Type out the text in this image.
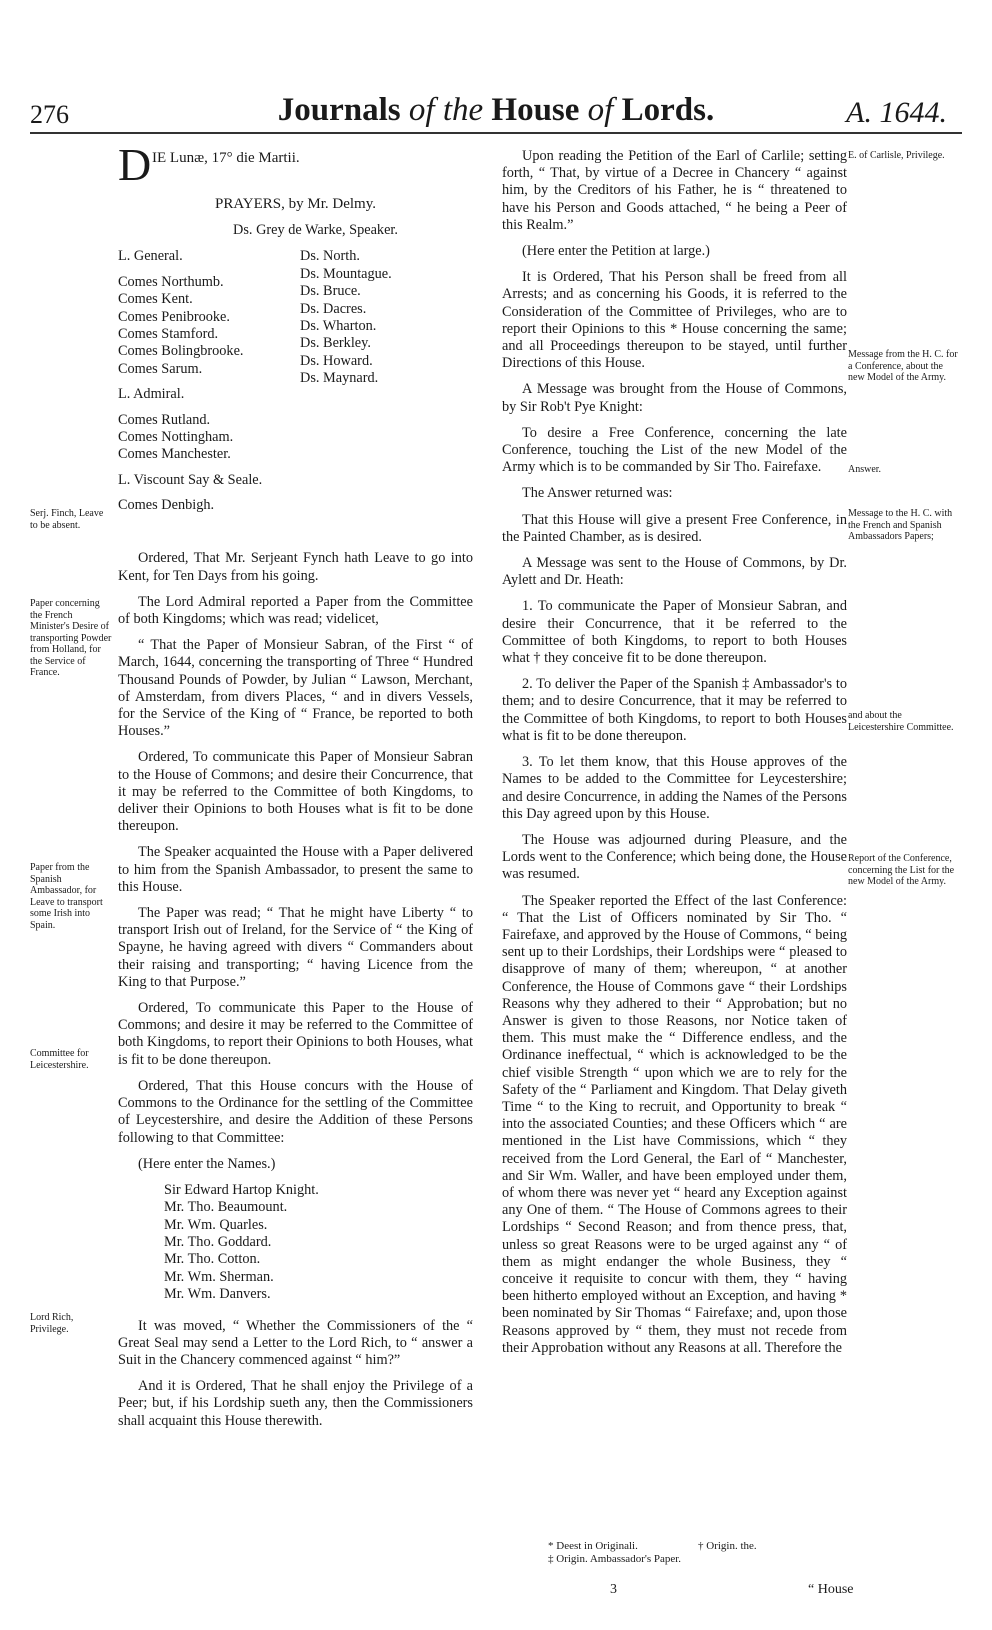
276	Journals of the House of Lords.	A. 1644.
D IE Lunæ, 17° die Martii.

PRAYERS, by Mr. Delmy.

Ds. Grey de Warke, Speaker.

L. General.
Comes Northumb.
Comes Kent.
Comes Penibrooke.
Comes Stamford.
Comes Bolingbrooke.
Comes Sarum.
L. Admiral.
Comes Rutland.
Comes Nottingham.
Comes Manchester.
L. Viscount Say & Seale.
Comes Denbigh.
Ds. North.
Ds. Mountague.
Ds. Bruce.
Ds. Dacres.
Ds. Wharton.
Ds. Berkley.
Ds. Howard.
Ds. Maynard.

Ordered, That Mr. Serjeant Fynch hath Leave to go into Kent, for Ten Days from his going.

The Lord Admiral reported a Paper from the Committee of both Kingdoms; which was read; videlicet,

“ That the Paper of Monsieur Sabran, of the First “ of March, 1644, concerning the transporting of Three “ Hundred Thousand Pounds of Powder, by Julian “ Lawson, Merchant, of Amsterdam, from divers Places, “ and in divers Vessels, for the Service of the King of “ France, be reported to both Houses.”

Ordered, To communicate this Paper of Monsieur Sabran to the House of Commons; and desire their Concurrence, that it may be referred to the Committee of both Kingdoms, to deliver their Opinions to both Houses what is fit to be done thereupon.

The Speaker acquainted the House with a Paper delivered to him from the Spanish Ambassador, to present the same to this House.

The Paper was read; “ That he might have Liberty “ to transport Irish out of Ireland, for the Service of “ the King of Spayne, he having agreed with divers “ Commanders about their raising and transporting; “ having Licence from the King to that Purpose.”

Ordered, To communicate this Paper to the House of Commons; and desire it may be referred to the Committee of both Kingdoms, to report their Opinions to both Houses, what is fit to be done thereupon.

Ordered, That this House concurs with the House of Commons to the Ordinance for the settling of the Committee of Leycestershire, and desire the Addition of these Persons following to that Committee:

(Here enter the Names.)

Sir Edward Hartop Knight.
Mr. Tho. Beaumount.
Mr. Wm. Quarles.
Mr. Tho. Goddard.
Mr. Tho. Cotton.
Mr. Wm. Sherman.
Mr. Wm. Danvers.

It was moved, “ Whether the Commissioners of the “ Great Seal may send a Letter to the Lord Rich, to “ answer a Suit in the Chancery commenced against “ him?”

And it is Ordered, That he shall enjoy the Privilege of a Peer; but, if his Lordship sueth any, then the Commissioners shall acquaint this House therewith.

Upon reading the Petition of the Earl of Carlile; setting forth, “ That, by virtue of a Decree in Chancery “ against him, by the Creditors of his Father, he is “ threatened to have his Person and Goods attached, “ he being a Peer of this Realm.”

(Here enter the Petition at large.)

It is Ordered, That his Person shall be freed from all Arrests; and as concerning his Goods, it is referred to the Consideration of the Committee of Privileges, who are to report their Opinions to this * House concerning the same; and all Proceedings thereupon to be stayed, until further Directions of this House.

A Message was brought from the House of Commons, by Sir Rob't Pye Knight:

To desire a Free Conference, concerning the late Conference, touching the List of the new Model of the Army which is to be commanded by Sir Tho. Fairefaxe.

The Answer returned was:

That this House will give a present Free Conference, in the Painted Chamber, as is desired.

A Message was sent to the House of Commons, by Dr. Aylett and Dr. Heath:

1. To communicate the Paper of Monsieur Sabran, and desire their Concurrence, that it be referred to the Committee of both Kingdoms, to report to both Houses what † they conceive fit to be done thereupon.

2. To deliver the Paper of the Spanish ‡ Ambassador's to them; and to desire Concurrence, that it may be referred to the Committee of both Kingdoms, to report to both Houses what is fit to be done thereupon.

3. To let them know, that this House approves of the Names to be added to the Committee for Leycestershire; and desire Concurrence, in adding the Names of the Persons this Day agreed upon by this House.

The House was adjourned during Pleasure, and the Lords went to the Conference; which being done, the House was resumed.

The Speaker reported the Effect of the last Conference: “ That the List of Officers nominated by Sir Tho. “ Fairefaxe, and approved by the House of Commons, “ being sent up to their Lordships, their Lordships were “ pleased to disapprove of many of them; whereupon, “ at another Conference, the House of Commons gave “ their Lordships Reasons why they adhered to their “ Approbation; but no Answer is given to those Reasons, nor Notice taken of them. This must make the “ Difference endless, and the Ordinance ineffectual, “ which is acknowledged to be the chief visible Strength “ upon which we are to rely for the Safety of the “ Parliament and Kingdom. That Delay giveth Time “ to the King to recruit, and Opportunity to break “ into the associated Counties; and these Officers which “ are mentioned in the List have Commissions, which “ they received from the Lord General, the Earl of “ Manchester, and Sir Wm. Waller, and have been employed under them, of whom there was never yet “ heard any Exception against any One of them. “ The House of Commons agrees to their Lordships “ Second Reason; and from thence press, that, unless so great Reasons were to be urged against any “ of them as might endanger the whole Business, they “ conceive it requisite to concur with them, they “ having been hitherto employed without an Exception, and having * been nominated by Sir Thomas “ Fairefaxe; and, upon those Reasons approved by “ them, they must not recede from their Approbation without any Reasons at all. Therefore the

Serj. Finch, Leave to be absent.
Paper concerning the French Minister's Desire of transporting Powder from Holland, for the Service of France.
Paper from the Spanish Ambassador, for Leave to transport some Irish into Spain.
Committee for Leicestershire.
Lord Rich, Privilege.
E. of Carlisle, Privilege.
Message from the H. C. for a Conference, about the new Model of the Army.
Answer.
Message to the H. C. with the French and Spanish Ambassadors Papers;
and about the Leicestershire Committee.
Report of the Conference, concerning the List for the new Model of the Army.
* Deest in Originali.	† Origin. the.
‡ Origin. Ambassador's Paper.
3	“ House
